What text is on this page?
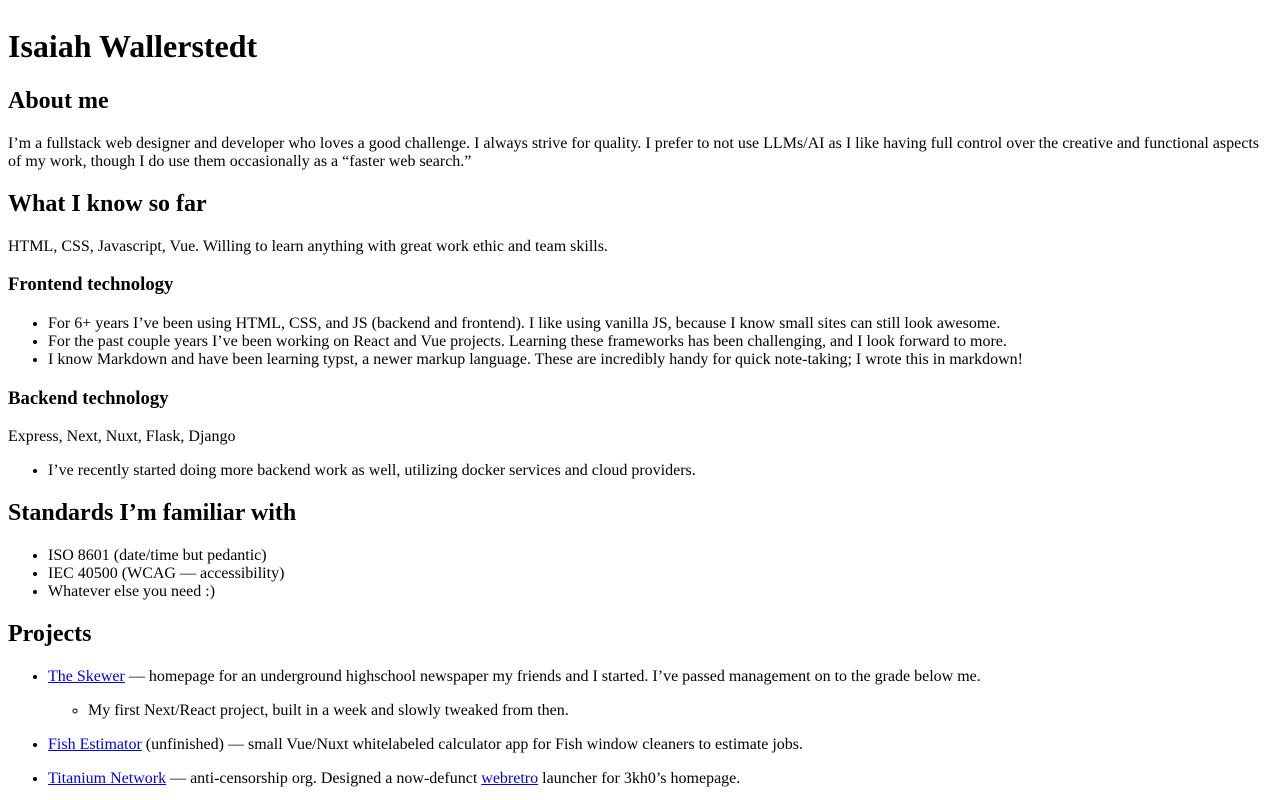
Isaiah Wallerstedt
About me

I’m a fullstack web designer and developer who loves a good challenge. I always strive for quality. I prefer to not use LLMs/AI as I like having full control over the creative and functional aspects of my work, though I do use them occasionally as a “faster web search.”

What I know so far

HTML, CSS, Javascript, Vue. Willing to learn anything with great work ethic and team skills.

Frontend technology
• For 6+ years I’ve been using HTML, CSS, and JS (backend and frontend). I like using vanilla JS, because I know small sites can still look awesome.
• For the past couple years I’ve been working on React and Vue projects. Learning these frameworks has been challenging, and I look forward to more.
• I know Markdown and have been learning typst, a newer markup language. These are incredibly handy for quick note-taking; I wrote this in markdown!
Backend technology

Express, Next, Nuxt, Flask, Django

• I’ve recently started doing more backend work as well, utilizing docker services and cloud providers.
Standards I’m familiar with
• ISO 8601 (date/time but pedantic)
• IEC 40500 (WCAG — accessibility)
• Whatever else you need :)
Projects
• The Skewer — homepage for an underground highschool newspaper my friends and I started. I’ve passed management on to the grade below me.
◦ My first Next/React project, built in a week and slowly tweaked from then.
• Fish Estimator (unfinished) — small Vue/Nuxt whitelabeled calculator app for Fish window cleaners to estimate jobs.
• Titanium Network — anti-censorship org. Designed a now-defunct webretro launcher for 3kh0’s homepage.
